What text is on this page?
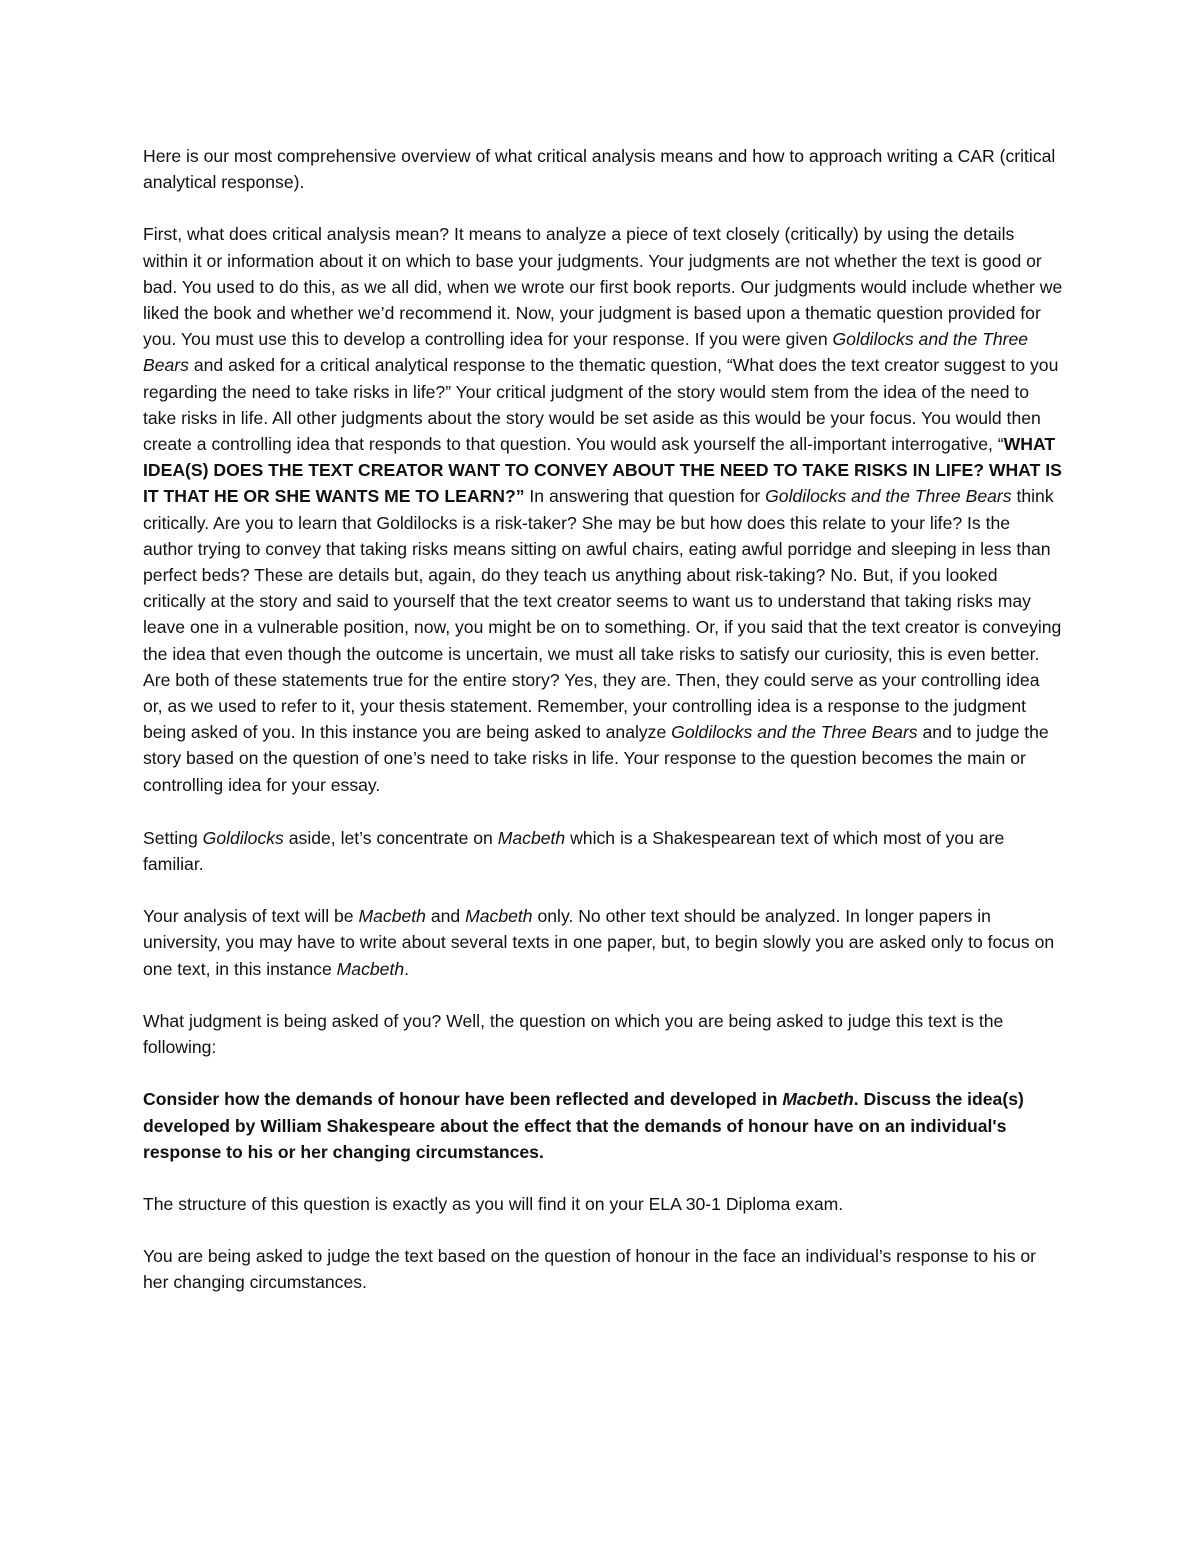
Here is our most comprehensive overview of what critical analysis means and how to approach writing a CAR (critical analytical response).

First, what does critical analysis mean? It means to analyze a piece of text closely (critically) by using the details within it or information about it on which to base your judgments. Your judgments are not whether the text is good or bad. You used to do this, as we all did, when we wrote our first book reports. Our judgments would include whether we liked the book and whether we’d recommend it. Now, your judgment is based upon a thematic question provided for you. You must use this to develop a controlling idea for your response. If you were given Goldilocks and the Three Bears and asked for a critical analytical response to the thematic question, “What does the text creator suggest to you regarding the need to take risks in life?” Your critical judgment of the story would stem from the idea of the need to take risks in life. All other judgments about the story would be set aside as this would be your focus. You would then create a controlling idea that responds to that question. You would ask yourself the all-important interrogative, “WHAT IDEA(S) DOES THE TEXT CREATOR WANT TO CONVEY ABOUT THE NEED TO TAKE RISKS IN LIFE? WHAT IS IT THAT HE OR SHE WANTS ME TO LEARN?” In answering that question for Goldilocks and the Three Bears think critically. Are you to learn that Goldilocks is a risk-taker? She may be but how does this relate to your life? Is the author trying to convey that taking risks means sitting on awful chairs, eating awful porridge and sleeping in less than perfect beds? These are details but, again, do they teach us anything about risk-taking? No. But, if you looked critically at the story and said to yourself that the text creator seems to want us to understand that taking risks may leave one in a vulnerable position, now, you might be on to something. Or, if you said that the text creator is conveying the idea that even though the outcome is uncertain, we must all take risks to satisfy our curiosity, this is even better. Are both of these statements true for the entire story? Yes, they are. Then, they could serve as your controlling idea or, as we used to refer to it, your thesis statement. Remember, your controlling idea is a response to the judgment being asked of you. In this instance you are being asked to analyze Goldilocks and the Three Bears and to judge the story based on the question of one’s need to take risks in life. Your response to the question becomes the main or controlling idea for your essay.

Setting Goldilocks aside, let’s concentrate on Macbeth which is a Shakespearean text of which most of you are familiar.

Your analysis of text will be Macbeth and Macbeth only. No other text should be analyzed. In longer papers in university, you may have to write about several texts in one paper, but, to begin slowly you are asked only to focus on one text, in this instance Macbeth.

What judgment is being asked of you? Well, the question on which you are being asked to judge this text is the following:

Consider how the demands of honour have been reflected and developed in Macbeth. Discuss the idea(s) developed by William Shakespeare about the effect that the demands of honour have on an individual's response to his or her changing circumstances.

The structure of this question is exactly as you will find it on your ELA 30-1 Diploma exam.

You are being asked to judge the text based on the question of honour in the face an individual’s response to his or her changing circumstances.
